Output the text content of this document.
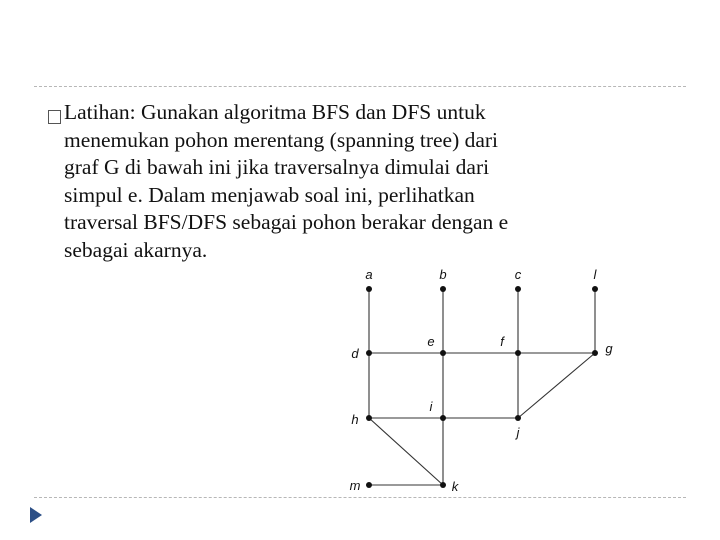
Latihan: Gunakan algoritma BFS dan DFS untuk
menemukan pohon merentang (spanning tree) dari
graf G di bawah ini jika traversalnya dimulai dari
simpul e. Dalam menjawab soal ini, perlihatkan
traversal BFS/DFS sebagai pohon berakar dengan e
sebagai akarnya.
a	b	c	l
d
e	f	g
h
i
j
m	k
